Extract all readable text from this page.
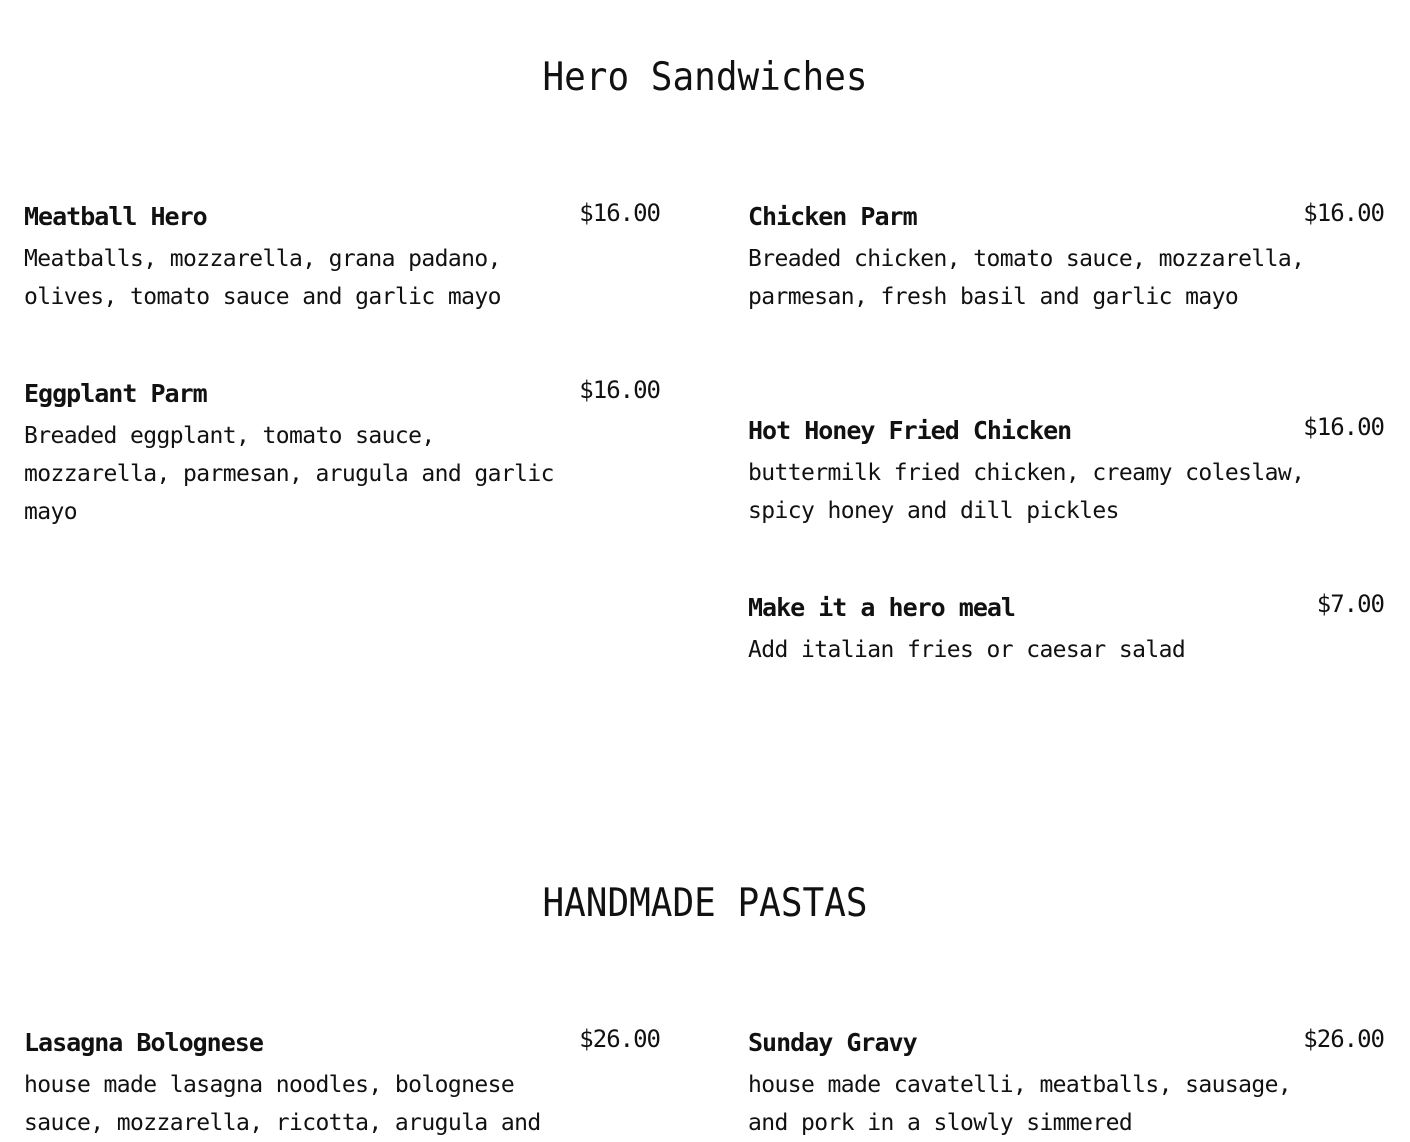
Hero Sandwiches
Meatball Hero	$16.00
Meatballs, mozzarella, grana padano, olives, tomato sauce and garlic mayo
Chicken Parm	$16.00
Breaded chicken, tomato sauce, mozzarella, parmesan, fresh basil and garlic mayo
Eggplant Parm	$16.00
Breaded eggplant, tomato sauce, mozzarella, parmesan, arugula and garlic mayo
Hot Honey Fried Chicken	$16.00
buttermilk fried chicken, creamy coleslaw, spicy honey and dill pickles
Make it a hero meal	$7.00
Add italian fries or caesar salad
HANDMADE PASTAS
Lasagna Bolognese	$26.00
house made lasagna noodles, bolognese sauce, mozzarella, ricotta, arugula and
Sunday Gravy	$26.00
house made cavatelli, meatballs, sausage, and pork in a slowly simmered
